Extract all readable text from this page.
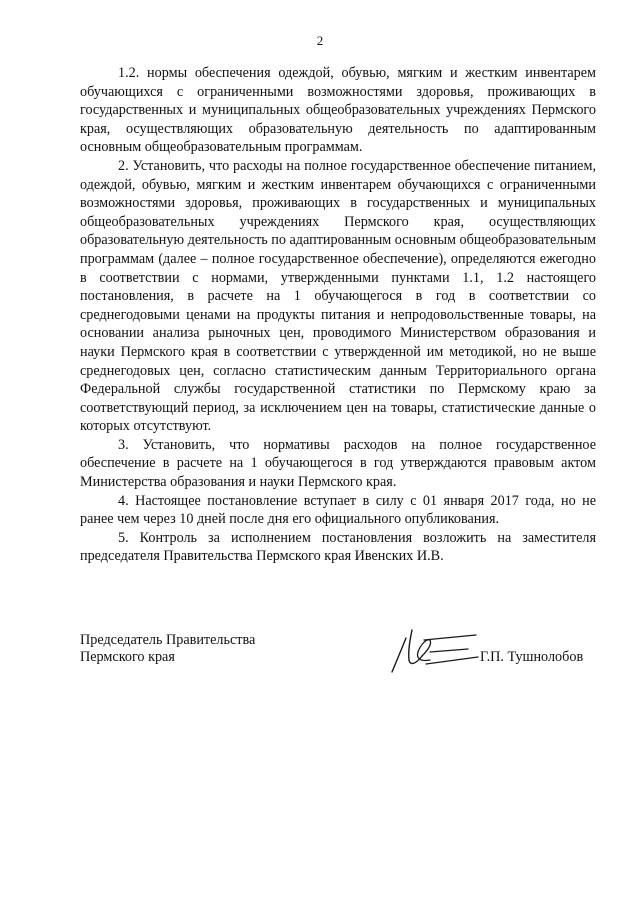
2

1.2. нормы обеспечения одеждой, обувью, мягким и жестким инвентарем обучающихся с ограниченными возможностями здоровья, проживающих в государственных и муниципальных общеобразовательных учреждениях Пермского края, осуществляющих образовательную деятельность по адаптированным основным общеобразовательным программам.

2. Установить, что расходы на полное государственное обеспечение питанием, одеждой, обувью, мягким и жестким инвентарем обучающихся с ограниченными возможностями здоровья, проживающих в государственных и муниципальных общеобразовательных учреждениях Пермского края, осуществляющих образовательную деятельность по адаптированным основным общеобразовательным программам (далее – полное государственное обеспечение), определяются ежегодно в соответствии с нормами, утвержденными пунктами 1.1, 1.2 настоящего постановления, в расчете на 1 обучающегося в год в соответствии со среднегодовыми ценами на продукты питания и непродовольственные товары, на основании анализа рыночных цен, проводимого Министерством образования и науки Пермского края в соответствии с утвержденной им методикой, но не выше среднегодовых цен, согласно статистическим данным Территориального органа Федеральной службы государственной статистики по Пермскому краю за соответствующий период, за исключением цен на товары, статистические данные о которых отсутствуют.

3. Установить, что нормативы расходов на полное государственное обеспечение в расчете на 1 обучающегося в год утверждаются правовым актом Министерства образования и науки Пермского края.

4. Настоящее постановление вступает в силу с 01 января 2017 года, но не ранее чем через 10 дней после дня его официального опубликования.

5. Контроль за исполнением постановления возложить на заместителя председателя Правительства Пермского края Ивенских И.В.

Председатель Правительства
Пермского края	Г.П. Тушнолобов
